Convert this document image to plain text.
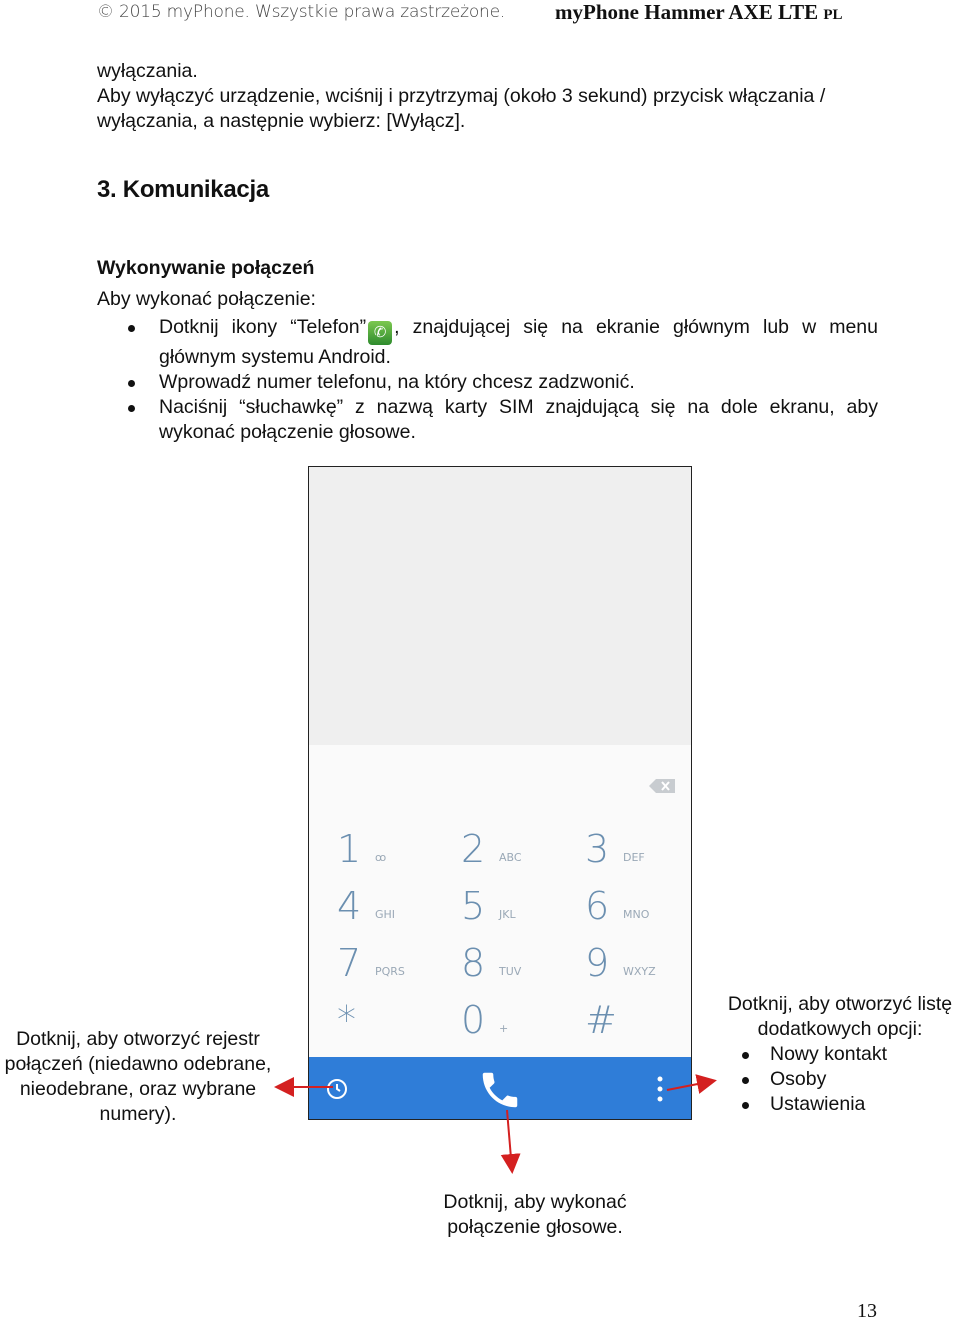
© 2015 myPhone. Wszystkie prawa zastrzeżone. myPhone Hammer AXE LTE PL
wyłączania.
Aby wyłączyć urządzenie, wciśnij i przytrzymaj (około 3 sekund) przycisk włączania /
wyłączania, a następnie wybierz: [Wyłącz].
3. Komunikacja
Wykonywanie połączeń
Aby wykonać połączenie:
Dotknij ikony “Telefon” ✆ , znajdującej się na ekranie głównym lub w menu głównym systemu Android.
Wprowadź numer telefonu, na który chcesz zadzwonić.
Naciśnij “słuchawkę” z nazwą karty SIM znajdującą się na dole ekranu, aby wykonać połączenie głosowe.
1 ꝏ 2 ABC 3 DEF
4 GHI 5 JKL 6 MNO
7 PQRS 8 TUV 9 WXYZ
*	0 + #
Dotknij, aby otworzyć rejestr połączeń (niedawno odebrane, nieodebrane, oraz wybrane numery).
Dotknij, aby otworzyć listę dodatkowych opcji:
Nowy kontakt
Osoby
Ustawienia
Dotknij, aby wykonać połączenie głosowe.
13
